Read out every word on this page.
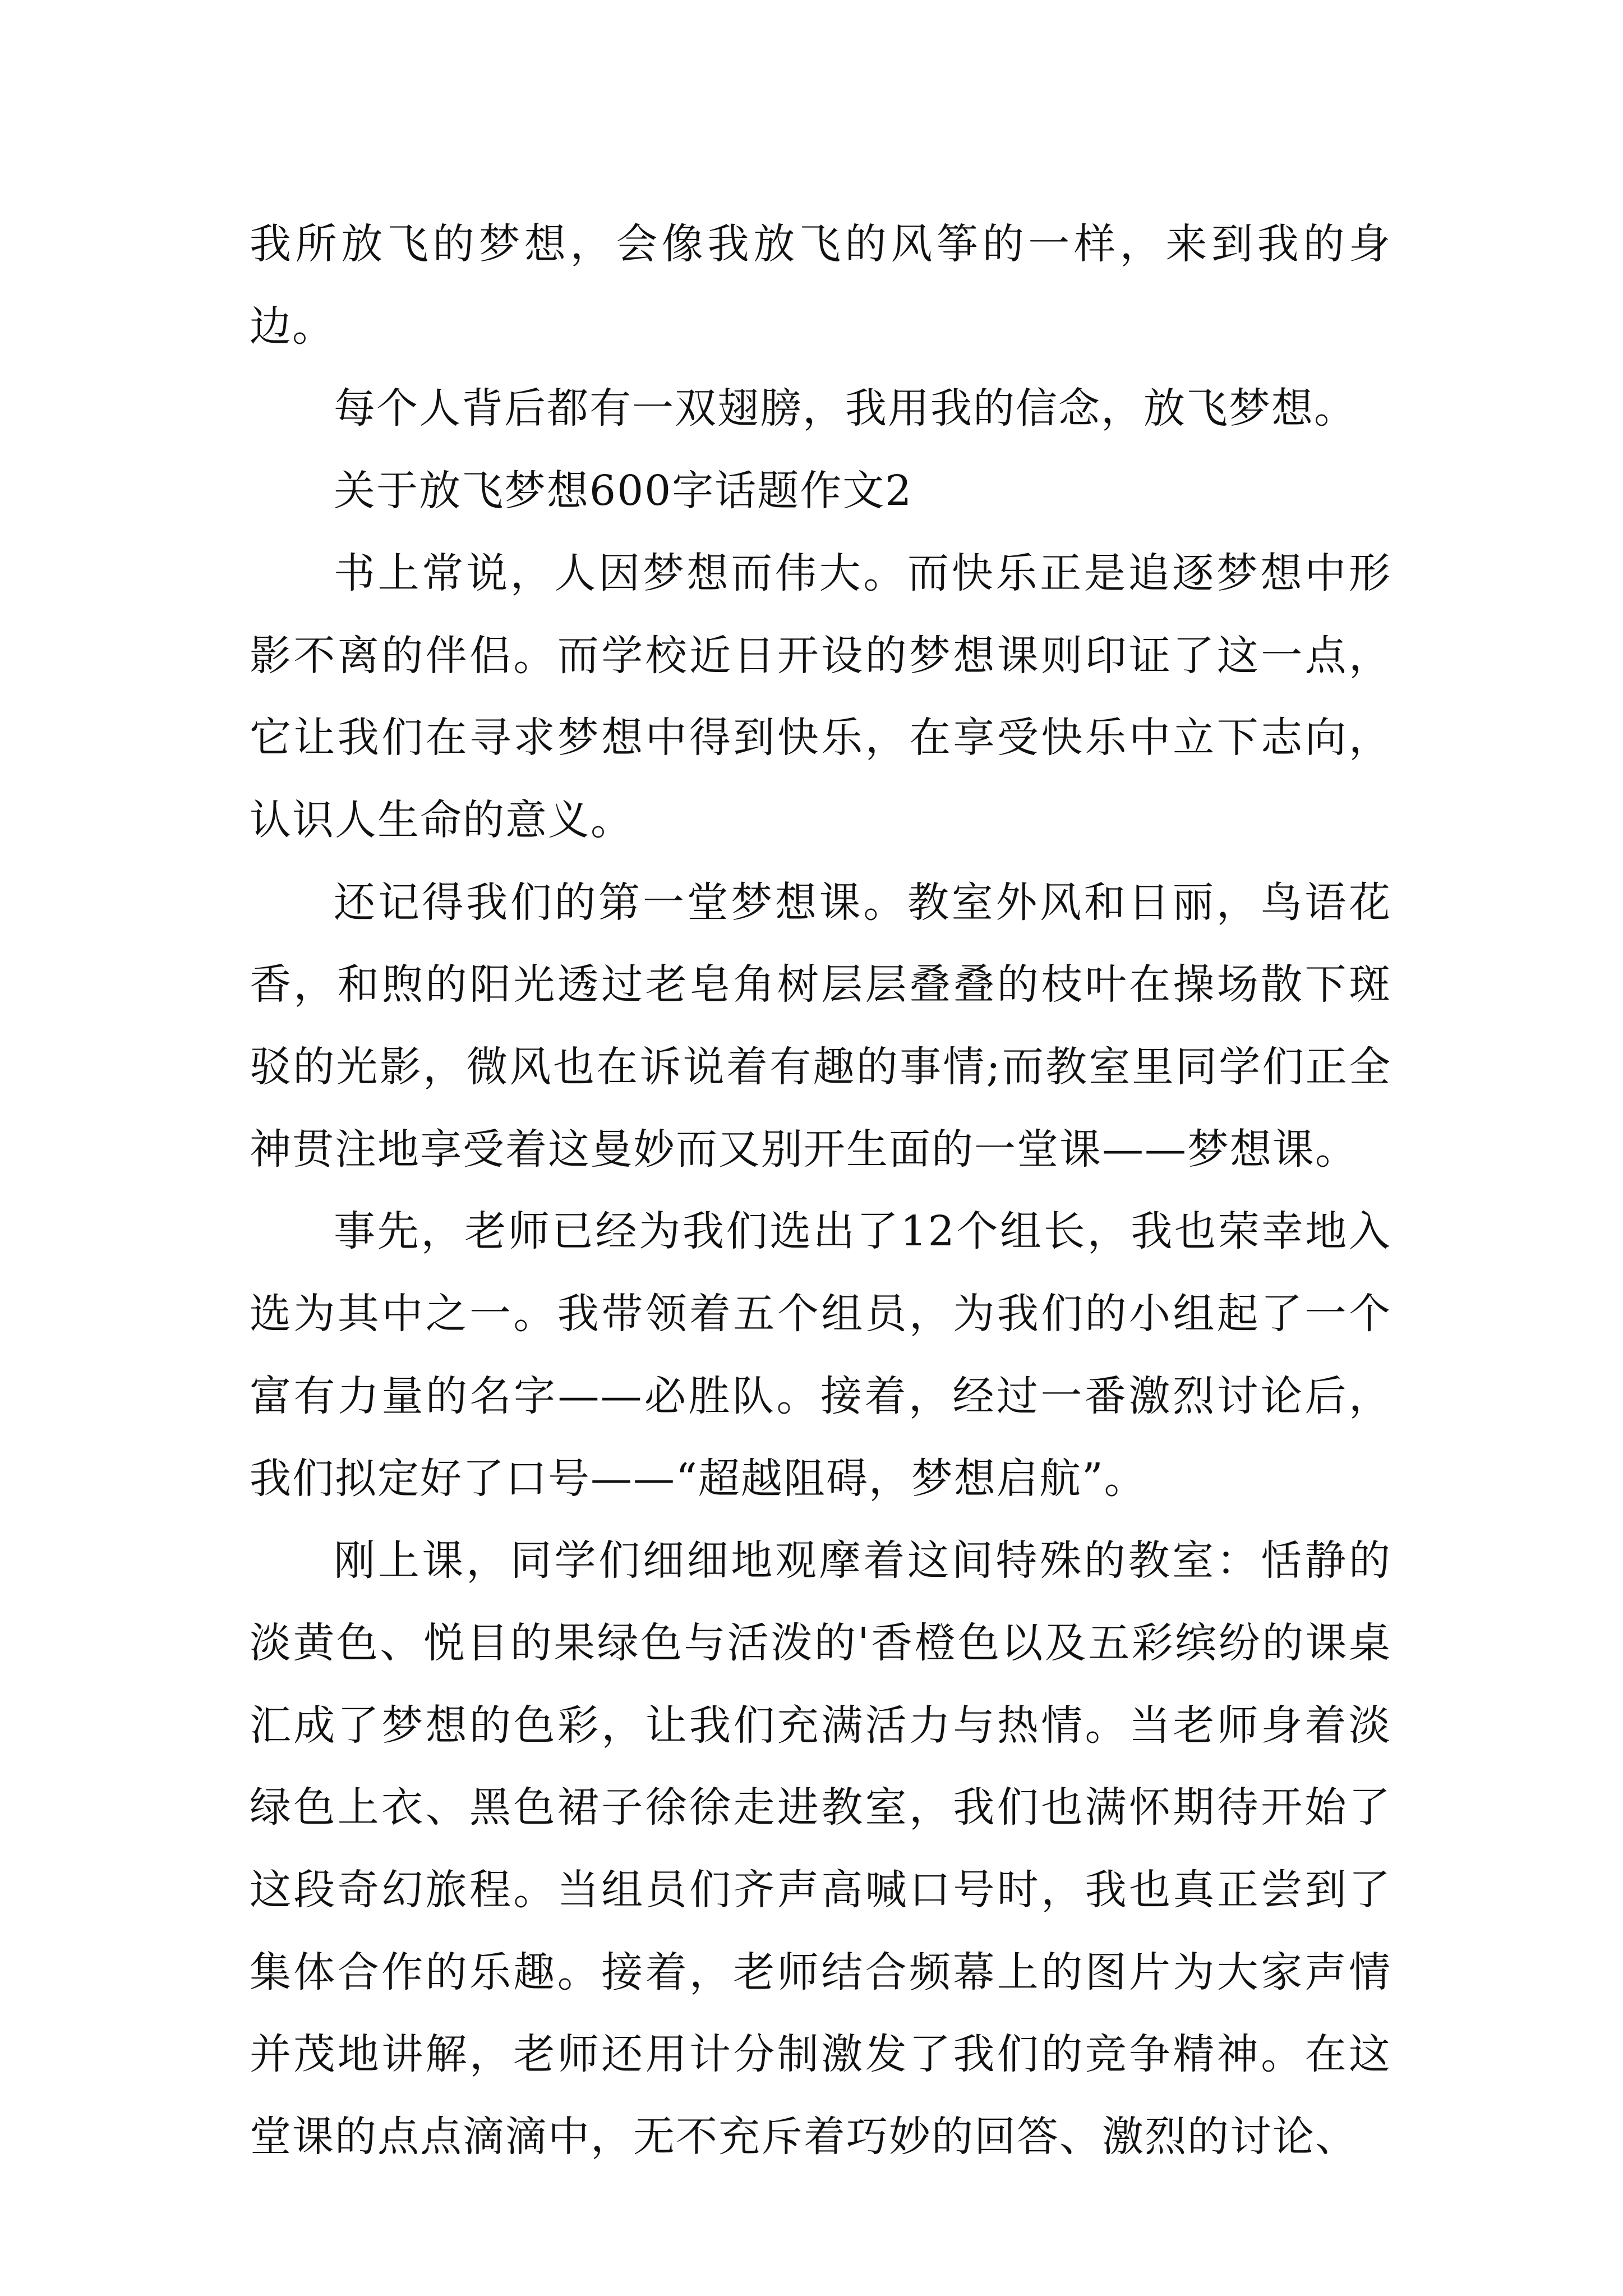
我所放飞的梦想，会像我放飞的风筝的一样，来到我的身边。

每个人背后都有一双翅膀，我用我的信念，放飞梦想。

关于放飞梦想600字话题作文2

书上常说，人因梦想而伟大。而快乐正是追逐梦想中形影不离的伴侣。而学校近日开设的梦想课则印证了这一点，它让我们在寻求梦想中得到快乐，在享受快乐中立下志向，认识人生命的意义。

还记得我们的第一堂梦想课。教室外风和日丽，鸟语花香，和煦的阳光透过老皂角树层层叠叠的枝叶在操场散下斑驳的光影，微风也在诉说着有趣的事情;而教室里同学们正全神贯注地享受着这曼妙而又别开生面的一堂课——梦想课。

事先，老师已经为我们选出了12个组长，我也荣幸地入选为其中之一。我带领着五个组员，为我们的小组起了一个富有力量的名字——必胜队。接着，经过一番激烈讨论后，我们拟定好了口号——“超越阻碍，梦想启航”。

刚上课，同学们细细地观摩着这间特殊的教室：恬静的淡黄色、悦目的果绿色与活泼的'香橙色以及五彩缤纷的课桌汇成了梦想的色彩，让我们充满活力与热情。当老师身着淡绿色上衣、黑色裙子徐徐走进教室，我们也满怀期待开始了这段奇幻旅程。当组员们齐声高喊口号时，我也真正尝到了集体合作的乐趣。接着，老师结合频幕上的图片为大家声情并茂地讲解，老师还用计分制激发了我们的竞争精神。在这堂课的点点滴滴中，无不充斥着巧妙的回答、激烈的讨论、
